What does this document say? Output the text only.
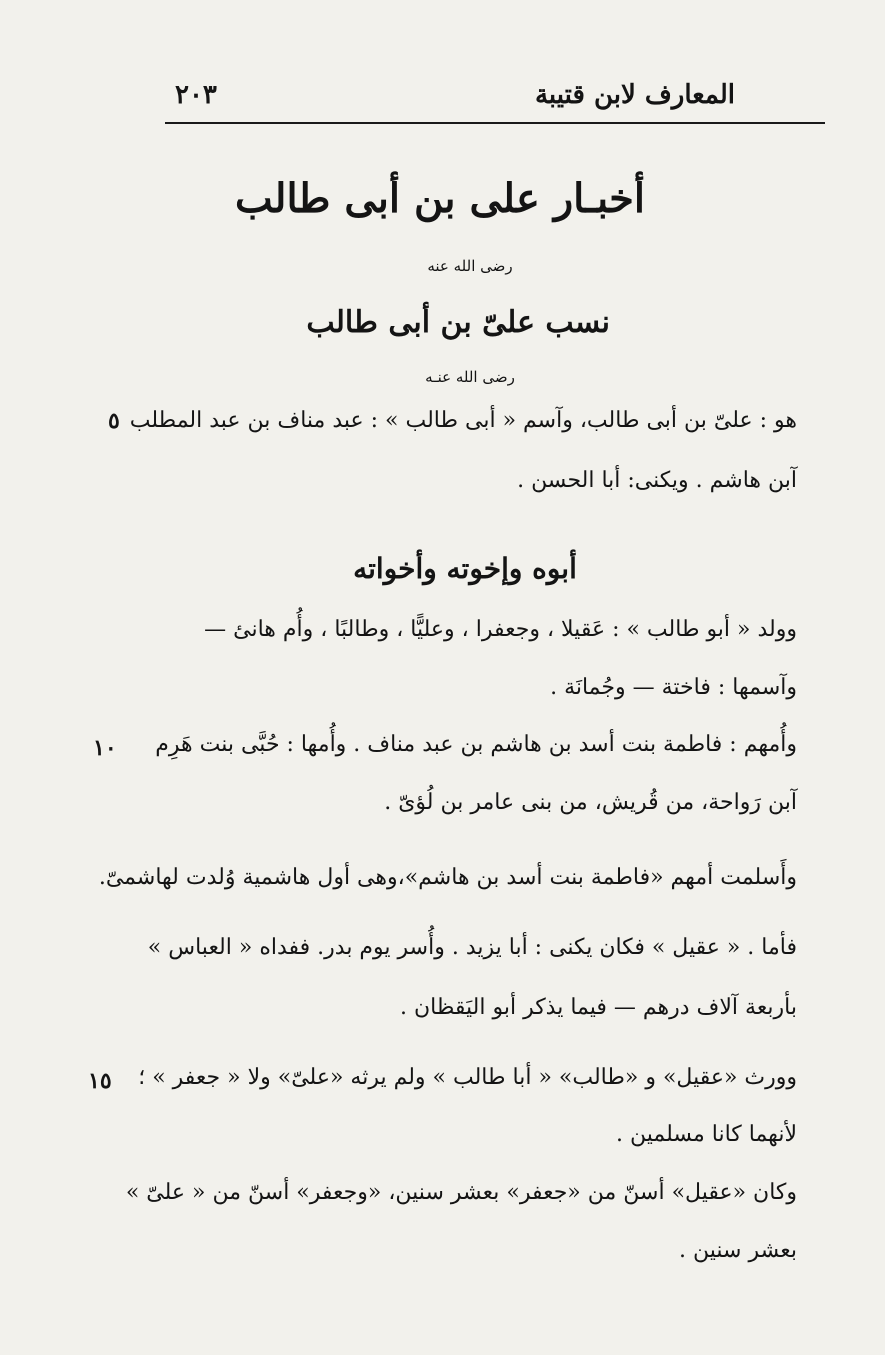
٢٠٣	المعارف لابن قتيبة
أخبـار على بن أبى طالب
رضى الله عنه
نسب علىّ بن أبى طالب
رضى الله عنـه
هو : علىّ بن أبى طالب، وآسم « أبى طالب » : عبد مناف بن عبد المطلب
آبن هاشم . ويكنى: أبا الحسن .
أبوه وإخوته وأخواته
وولد « أبو طالب » : عَقيلا ، وجعفرا ، وعليًّا ، وطالبًا ، وأُم هانئ —
وآسمها : فاختة — وجُمانَة .
وأُمهم : فاطمة بنت أسد بن هاشم بن عبد مناف . وأُمها : حُبَّى بنت هَرِم
آبن رَواحة، من قُريش، من بنى عامر بن لُؤىّ .
وأَسلمت أمهم «فاطمة بنت أسد بن هاشم»،وهى أول هاشمية وُلدت لهاشمىّ.
فأما . « عقيل » فكان يكنى : أبا يزيد . وأُسر يوم بدر. ففداه « العباس »
بأربعة آلاف درهم — فيما يذكر أبو اليَقظان .
وورث «عقيل» و «طالب» « أبا طالب » ولم يرثه «علىّ» ولا « جعفر » ؛
لأنهما كانا مسلمين .
وكان «عقيل» أسنّ من «جعفر» بعشر سنين، «وجعفر» أسنّ من « علىّ »
بعشر سنين .
٥
١٠
١٥
